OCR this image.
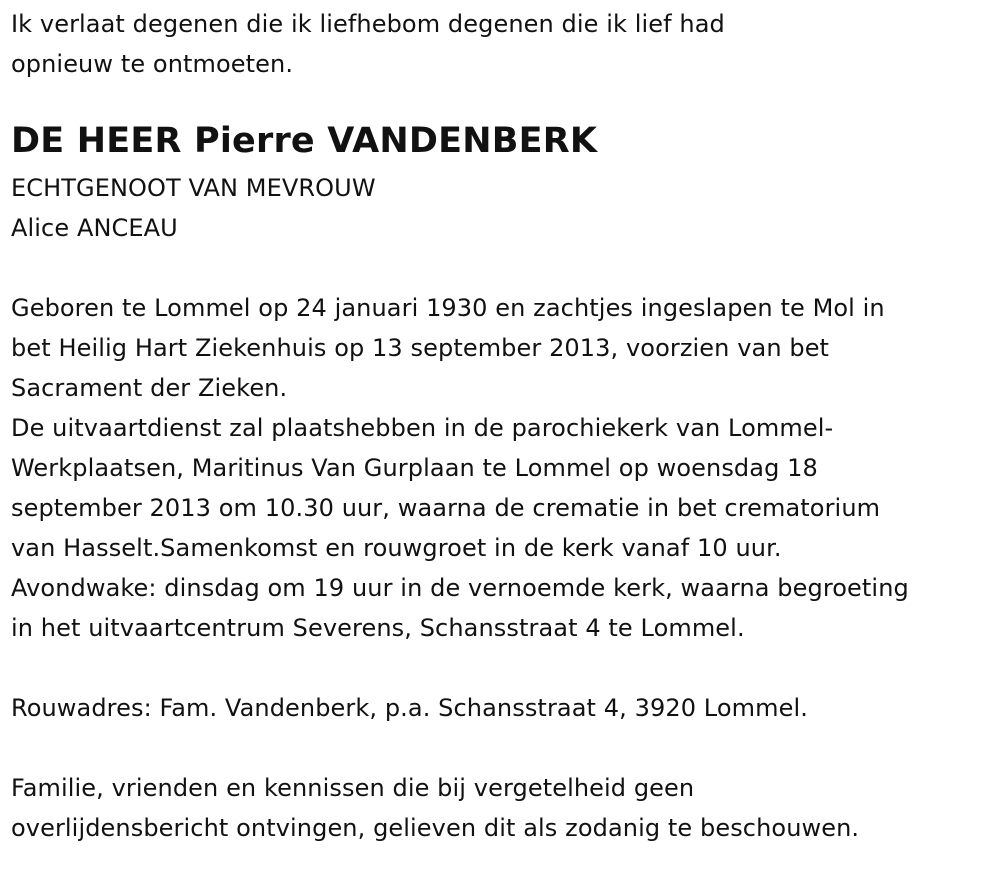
Ik verlaat degenen die ik liefhebom degenen die ik lief had
opnieuw te ontmoeten.
DE HEER Pierre VANDENBERK
ECHTGENOOT VAN MEVROUW
Alice ANCEAU
Geboren te Lommel op 24 januari 1930 en zachtjes ingeslapen te Mol in
bet Heilig Hart Ziekenhuis op 13 september 2013, voorzien van bet
Sacrament der Zieken.
De uitvaartdienst zal plaatshebben in de parochiekerk van Lommel-
Werkplaatsen, Maritinus Van Gurplaan te Lommel op woensdag 18
september 2013 om 10.30 uur, waarna de crematie in bet crematorium
van Hasselt.Samenkomst en rouwgroet in de kerk vanaf 10 uur.
Avondwake: dinsdag om 19 uur in de vernoemde kerk, waarna begroeting
in het uitvaartcentrum Severens, Schansstraat 4 te Lommel.
Rouwadres: Fam. Vandenberk, p.a. Schansstraat 4, 3920 Lommel.
Familie, vrienden en kennissen die bij vergetelheid geen
overlijdensbericht ontvingen, gelieven dit als zodanig te beschouwen.
